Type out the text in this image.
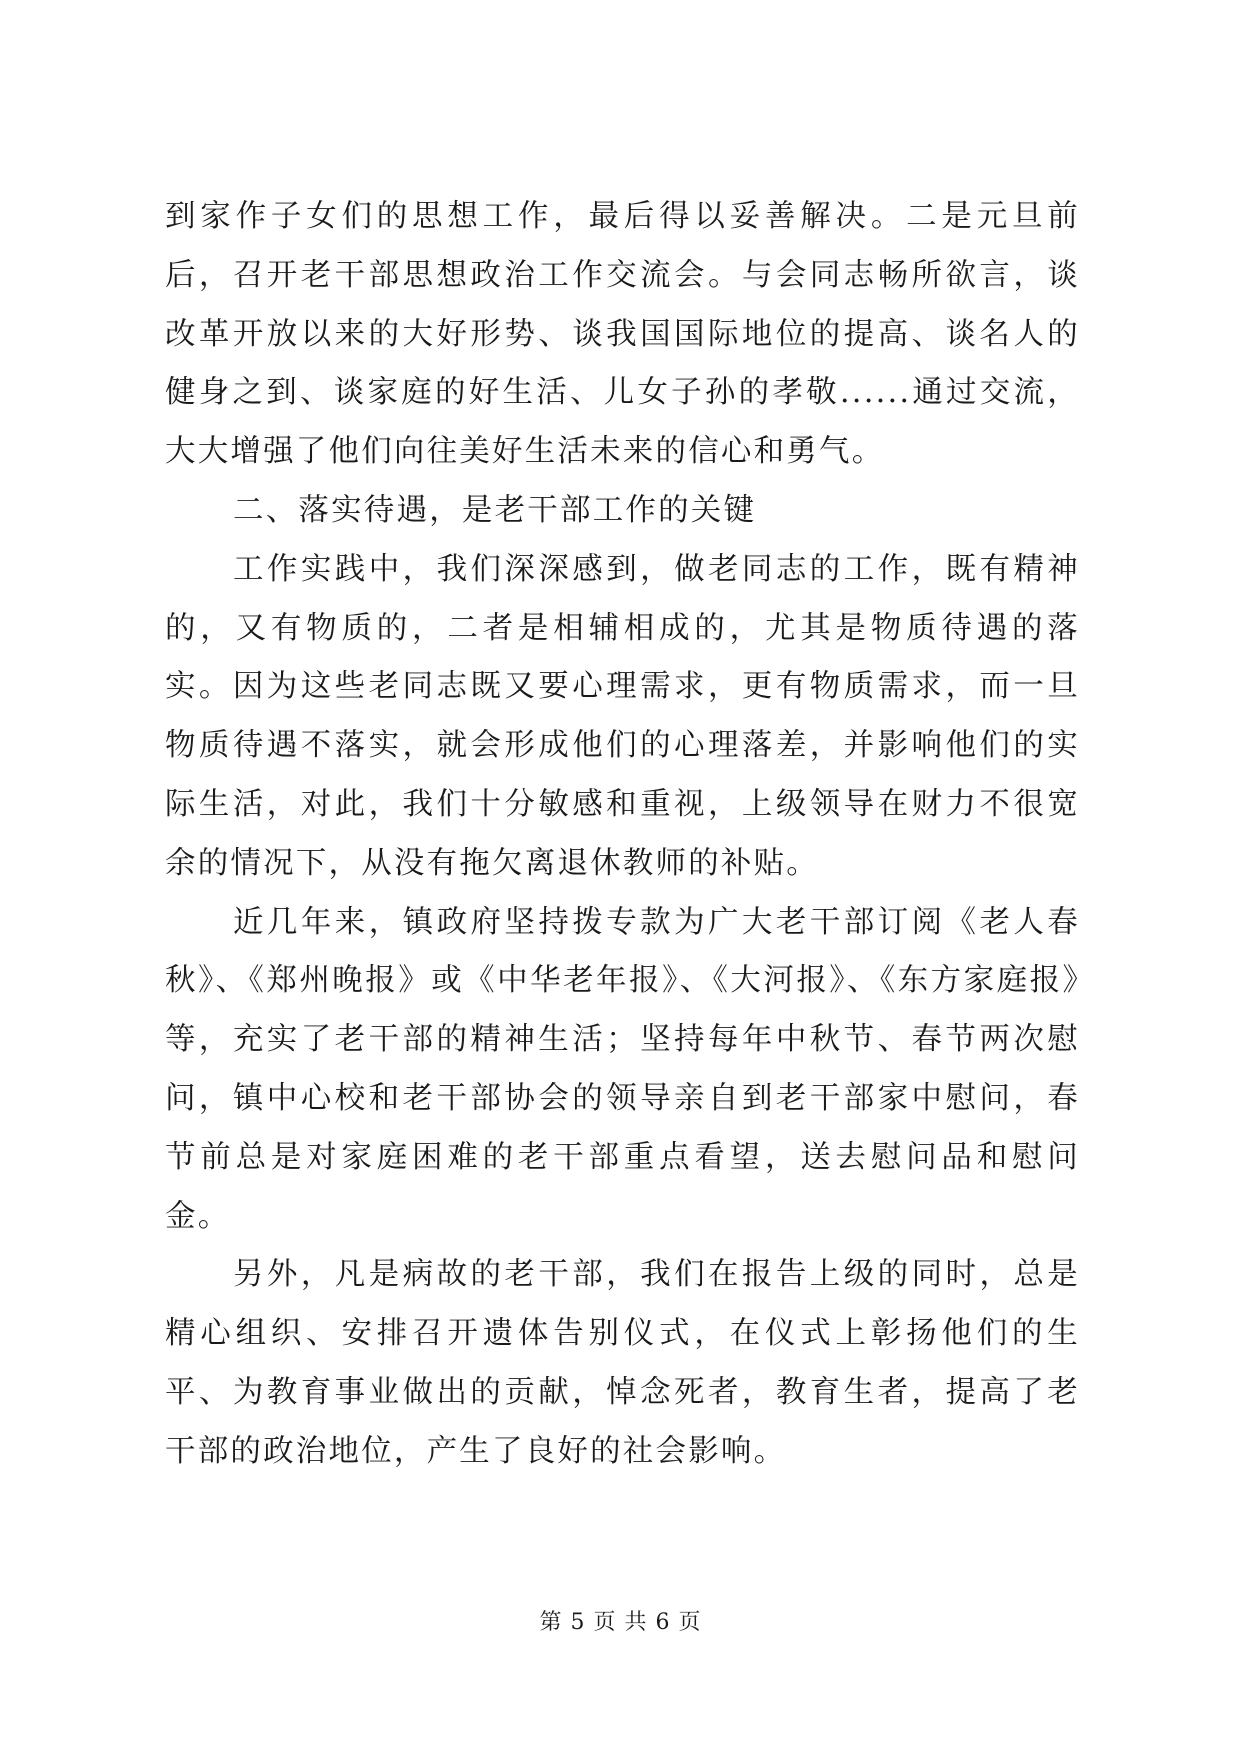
到家作子女们的思想工作，最后得以妥善解决。二是元旦前后，召开老干部思想政治工作交流会。与会同志畅所欲言，谈改革开放以来的大好形势、谈我国国际地位的提高、谈名人的健身之到、谈家庭的好生活、儿女子孙的孝敬......通过交流，大大增强了他们向往美好生活未来的信心和勇气。

二、落实待遇，是老干部工作的关键

工作实践中，我们深深感到，做老同志的工作，既有精神的，又有物质的，二者是相辅相成的，尤其是物质待遇的落实。因为这些老同志既又要心理需求，更有物质需求，而一旦物质待遇不落实，就会形成他们的心理落差，并影响他们的实际生活，对此，我们十分敏感和重视，上级领导在财力不很宽余的情况下，从没有拖欠离退休教师的补贴。

近几年来，镇政府坚持拨专款为广大老干部订阅《老人春秋》、《郑州晚报》或《中华老年报》、《大河报》、《东方家庭报》等，充实了老干部的精神生活；坚持每年中秋节、春节两次慰问，镇中心校和老干部协会的领导亲自到老干部家中慰问，春节前总是对家庭困难的老干部重点看望，送去慰问品和慰问金。

另外，凡是病故的老干部，我们在报告上级的同时，总是精心组织、安排召开遗体告别仪式，在仪式上彰扬他们的生平、为教育事业做出的贡献，悼念死者，教育生者，提高了老干部的政治地位，产生了良好的社会影响。

第 5 页 共 6 页
